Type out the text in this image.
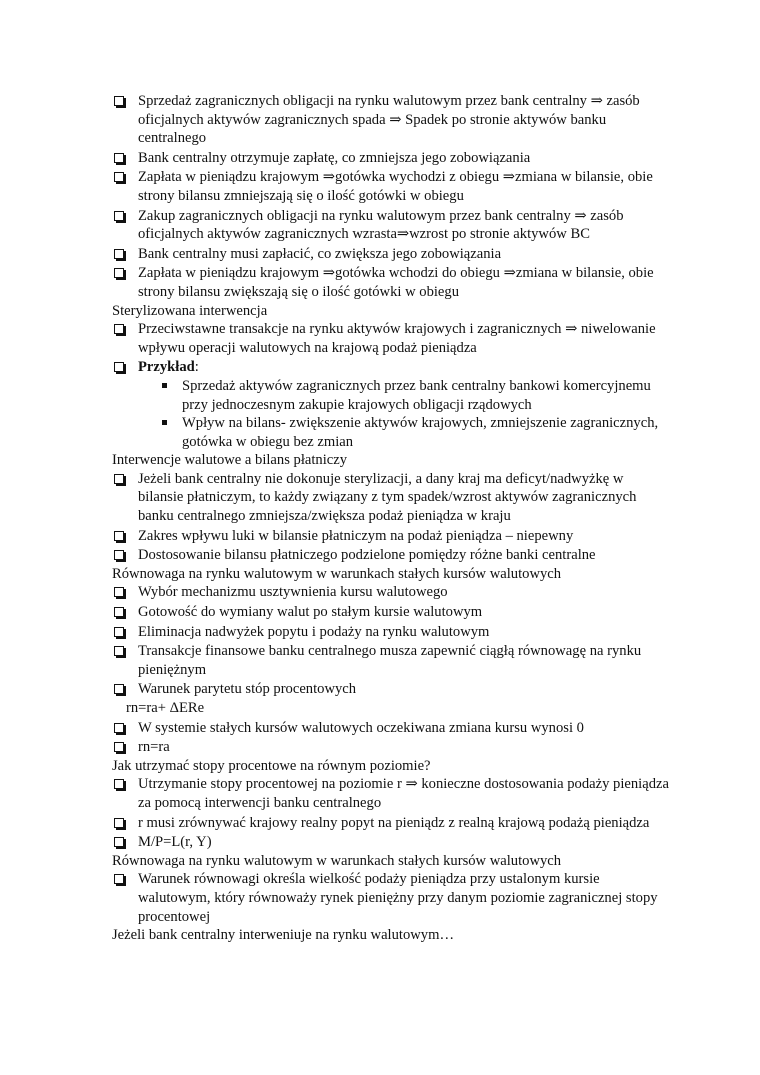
Sprzedaż zagranicznych obligacji na rynku walutowym przez bank centralny ⇒ zasób oficjalnych aktywów zagranicznych spada ⇒ Spadek po stronie aktywów banku centralnego
Bank centralny otrzymuje zapłatę, co zmniejsza jego zobowiązania
Zapłata w pieniądzu krajowym ⇒gotówka wychodzi z obiegu ⇒zmiana w bilansie, obie strony bilansu zmniejszają się o ilość gotówki w obiegu
Zakup zagranicznych obligacji na rynku walutowym przez bank centralny ⇒ zasób oficjalnych aktywów zagranicznych wzrasta⇒wzrost po stronie aktywów BC
Bank centralny musi zapłacić, co zwiększa jego zobowiązania
Zapłata w pieniądzu krajowym ⇒gotówka wchodzi do obiegu ⇒zmiana w bilansie, obie strony bilansu zwiększają się o ilość gotówki w obiegu
Sterylizowana interwencja
Przeciwstawne transakcje na rynku aktywów krajowych i zagranicznych ⇒ niwelowanie wpływu operacji walutowych na krajową podaż pieniądza
Przykład:
Sprzedaż aktywów zagranicznych przez bank centralny bankowi komercyjnemu przy jednoczesnym zakupie krajowych obligacji rządowych
Wpływ na bilans- zwiększenie aktywów krajowych, zmniejszenie zagranicznych, gotówka w obiegu bez zmian
Interwencje walutowe a bilans płatniczy
Jeżeli bank centralny nie dokonuje sterylizacji, a dany kraj ma deficyt/nadwyżkę w bilansie płatniczym, to każdy związany z tym spadek/wzrost aktywów zagranicznych banku centralnego zmniejsza/zwiększa podaż pieniądza w kraju
Zakres wpływu luki w bilansie płatniczym na podaż pieniądza – niepewny
Dostosowanie bilansu płatniczego podzielone pomiędzy różne banki centralne
Równowaga na rynku walutowym w warunkach stałych kursów walutowych
Wybór mechanizmu usztywnienia kursu walutowego
Gotowość do wymiany walut po stałym kursie walutowym
Eliminacja nadwyżek popytu i podaży na rynku walutowym
Transakcje finansowe banku centralnego musza zapewnić ciągłą równowagę na rynku pieniężnym
Warunek parytetu stóp procentowych
rn=ra+ ΔERe
W systemie stałych kursów walutowych oczekiwana zmiana kursu wynosi 0
rn=ra
Jak utrzymać stopy procentowe na równym poziomie?
Utrzymanie stopy procentowej na poziomie r ⇒ konieczne dostosowania podaży pieniądza za pomocą interwencji banku centralnego
r musi zrównywać krajowy realny popyt na pieniądz z realną krajową podażą pieniądza
M/P=L(r, Y)
Równowaga na rynku walutowym w warunkach stałych kursów walutowych
Warunek równowagi określa wielkość podaży pieniądza przy ustalonym kursie walutowym, który równoważy rynek pieniężny przy danym poziomie zagranicznej stopy procentowej
Jeżeli bank centralny interweniuje na rynku walutowym…
